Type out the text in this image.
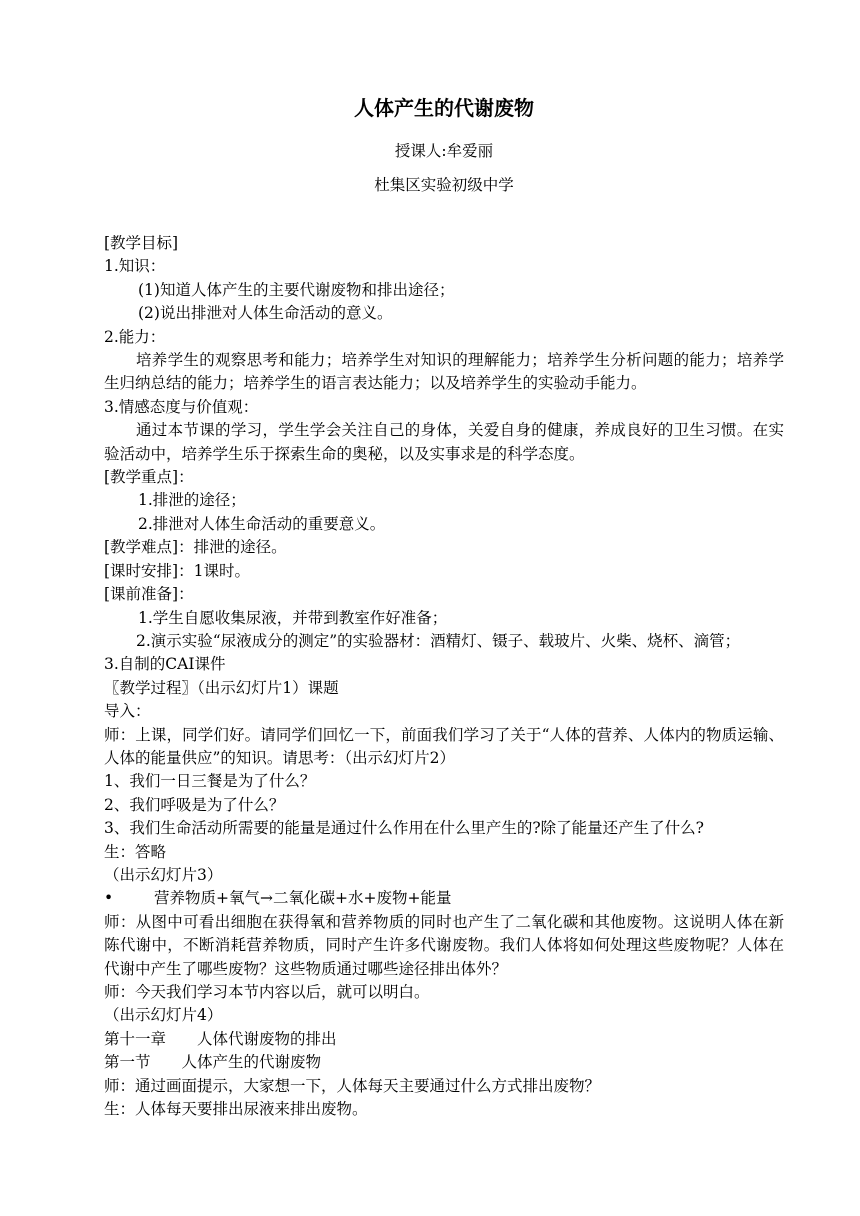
人体产生的代谢废物
授课人:牟爱丽
杜集区实验初级中学
[教学目标]
1.知识：
(1)知道人体产生的主要代谢废物和排出途径；
(2)说出排泄对人体生命活动的意义。
2.能力：
培养学生的观察思考和能力；培养学生对知识的理解能力；培养学生分析问题的能力；培养学生归纳总结的能力；培养学生的语言表达能力；以及培养学生的实验动手能力。
3.情感态度与价值观：
通过本节课的学习，学生学会关注自己的身体，关爱自身的健康，养成良好的卫生习惯。在实验活动中，培养学生乐于探索生命的奥秘，以及实事求是的科学态度。
[教学重点]：
1.排泄的途径；
2.排泄对人体生命活动的重要意义。
[教学难点]：排泄的途径。
[课时安排]：1课时。
[课前准备]：
1.学生自愿收集尿液，并带到教室作好准备；
2.演示实验“尿液成分的测定”的实验器材：酒精灯、镊子、载玻片、火柴、烧杯、滴管；
3.自制的CAI课件
〖教学过程〗（出示幻灯片1）课题
导入：
师：上课，同学们好。请同学们回忆一下，前面我们学习了关于“人体的营养、人体内的物质运输、人体的能量供应”的知识。请思考：（出示幻灯片2）
1、我们一日三餐是为了什么？
2、我们呼吸是为了什么？
3、我们生命活动所需要的能量是通过什么作用在什么里产生的?除了能量还产生了什么?
生：答略
（出示幻灯片3）
•	营养物质+氧气→二氧化碳+水+废物+能量
师：从图中可看出细胞在获得氧和营养物质的同时也产生了二氧化碳和其他废物。这说明人体在新陈代谢中，不断消耗营养物质，同时产生许多代谢废物。我们人体将如何处理这些废物呢？人体在代谢中产生了哪些废物？这些物质通过哪些途径排出体外？
师：今天我们学习本节内容以后，就可以明白。
（出示幻灯片4）
第十一章　　人体代谢废物的排出
第一节　　人体产生的代谢废物
师：通过画面提示，大家想一下，人体每天主要通过什么方式排出废物？
生：人体每天要排出尿液来排出废物。
